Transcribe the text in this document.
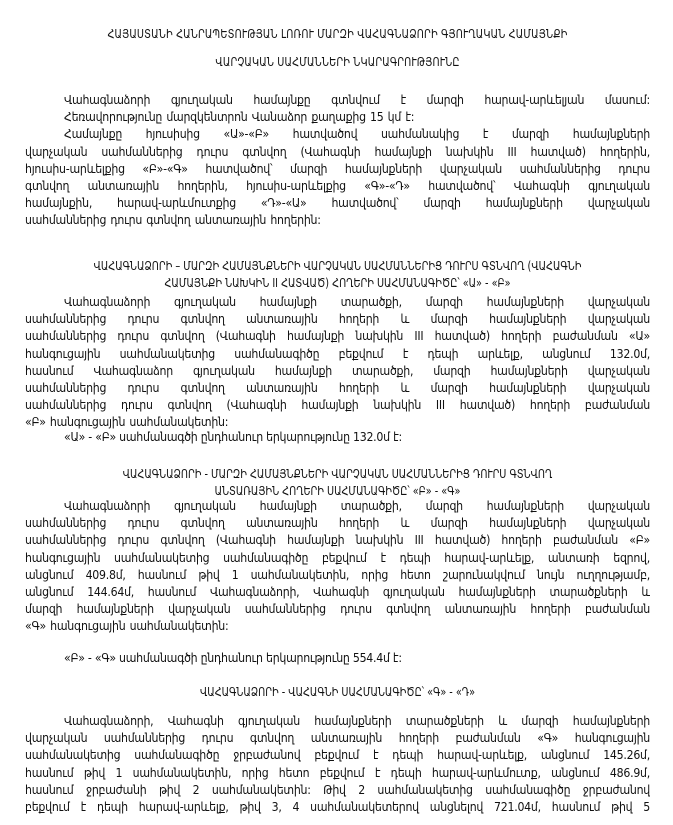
ՀԱՅԱՍՏԱՆԻ ՀԱՆՐԱՊԵՏՈՒԹՅԱՆ ԼՈՌՈՒ ՄԱՐԶԻ ՎԱՀԱԳՆԱՁՈՐԻ ԳՅՈՒՂԱԿԱՆ ՀԱՄԱՅՆՔԻ
ՎԱՐՉԱԿԱՆ ՍԱՀՄԱՆՆԵՐԻ ՆԿԱՐԱԳՐՈՒԹՅՈՒՆԸ
Վահագնաձորի գյուղական համայնքը գտնվում է մարզի հարավ-արևելյան մասում:
Հեռավորությունը մարզկենտրոն Վանաձոր քաղաքից 15 կմ է:
Համայնքը հյուսիսից «Ա»-«Բ» հատվածով սահմանակից է մարզի համայնքների
վարչական սահմաններից դուրս գտնվող (Վահագնի համայնքի նախկին III հատված) հողերին,
հյուսիս-արևելքից «Բ»-«Գ» հատվածով՝ մարզի համայնքների վարչական սահմաններից դուրս
գտնվող անտառային հողերին, հյուսիս-արևելքից «Գ»-«Դ» հատվածով՝ Վահագնի գյուղական
համայնքին, հարավ-արևմուտքից «Դ»-«Ա» հատվածով՝ մարզի համայնքների վարչական
սահմաններից դուրս գտնվող անտառային հողերին:
ՎԱՀԱԳՆԱՁՈՐԻ – ՄԱՐԶԻ ՀԱՄԱՅՆՔՆԵՐԻ ՎԱՐՉԱԿԱՆ ՍԱՀՄԱՆՆԵՐԻՑ ԴՈՒՐՍ ԳՏՆՎՈՂ (ՎԱՀԱԳՆԻ
ՀԱՄԱՅՆՔԻ ՆԱԽԿԻՆ II ՀԱՏՎԱԾ) ՀՈՂԵՐԻ ՍԱՀՄԱՆԱԳԻԾԸ՝ «Ա» - «Բ»
Վահագնաձորի գյուղական համայնքի տարածքի, մարզի համայնքների վարչական
սահմաններից դուրս գտնվող անտառային հողերի և մարզի համայնքների վարչական
սահմաններից դուրս գտնվող (Վահագնի համայնքի նախկին III հատված) հողերի բաժանման «Ա»
հանգուցային սահմանակետից սահմանագիծը բեքվում է դեպի արևելք, անցնում 132.0մ,
հասնում Վահագնաձոր գյուղական համայնքի տարածքի, մարզի համայնքների վարչական
սահմաններից դուրս գտնվող անտառային հողերի և մարզի համայնքների վարչական
սահմաններից դուրս գտնվող (Վահագնի համայնքի նախկին III հատված) հողերի բաժանման
«Բ» հանգուցային սահմանակետին:
«Ա» - «Բ» սահմանագծի ընդհանուր երկարությունը 132.0մ է:
ՎԱՀԱԳՆԱՁՈՐԻ - ՄԱՐԶԻ ՀԱՄԱՅՆՔՆԵՐԻ ՎԱՐՉԱԿԱՆ ՍԱՀՄԱՆՆԵՐԻՑ ԴՈՒՐՍ ԳՏՆՎՈՂ
ԱՆՏԱՌԱՅԻՆ ՀՈՂԵՐԻ ՍԱՀՄԱՆԱԳԻԾԸ՝ «Բ» - «Գ»
Վահագնաձորի գյուղական համայնքի տարածքի, մարզի համայնքների վարչական
սահմաններից դուրս գտնվող անտառային հողերի և մարզի համայնքների վարչական
սահմաններից դուրս գտնվող (Վահագնի համայնքի նախկին III հատված) հողերի բաժանման «Բ»
հանգուցային սահմանակետից սահմանագիծը բեքվում է դեպի հարավ-արևելք, անտառի եզրով,
անցնում 409.8մ, հասնում թիվ 1 սահմանակետին, որից հետո շարունակվում նույն ուղղությամբ,
անցնում 144.64մ, հասնում Վահագնաձորի, Վահագնի գյուղական համայնքների տարածքների և
մարզի համայնքների վարչական սահմաններից դուրս գտնվող անտառային հողերի բաժանման
«Գ» հանգուցային սահմանակետին:
«Բ» - «Գ» սահմանագծի ընդհանուր երկարությունը 554.4մ է:
ՎԱՀԱԳՆԱՁՈՐԻ - ՎԱՀԱԳՆԻ ՍԱՀՄԱՆԱԳԻԾԸ՝ «Գ» - «Դ»
Վահագնաձորի, Վահագնի գյուղական համայնքների տարածքների և մարզի համայնքների
վարչական սահմաններից դուրս գտնվող անտառային հողերի բաժանման «Գ» հանգուցային
սահմանակետից սահմանագիծը ջրբաժանով բեքվում է դեպի հարավ-արևելք, անցնում 145.26մ,
հասնում թիվ 1 սահմանակետին, որից հետո բեքվում է դեպի հարավ-արևմուտք, անցնում 486.9մ,
հասնում ջրբաժանի թիվ 2 սահմանակետին: Թիվ 2 սահմանակետից սահմանագիծը ջրբաժանով
բեքվում է դեպի հարավ-արևելք, թիվ 3, 4 սահմանակետերով անցնելով 721.04մ, հասնում թիվ 5
